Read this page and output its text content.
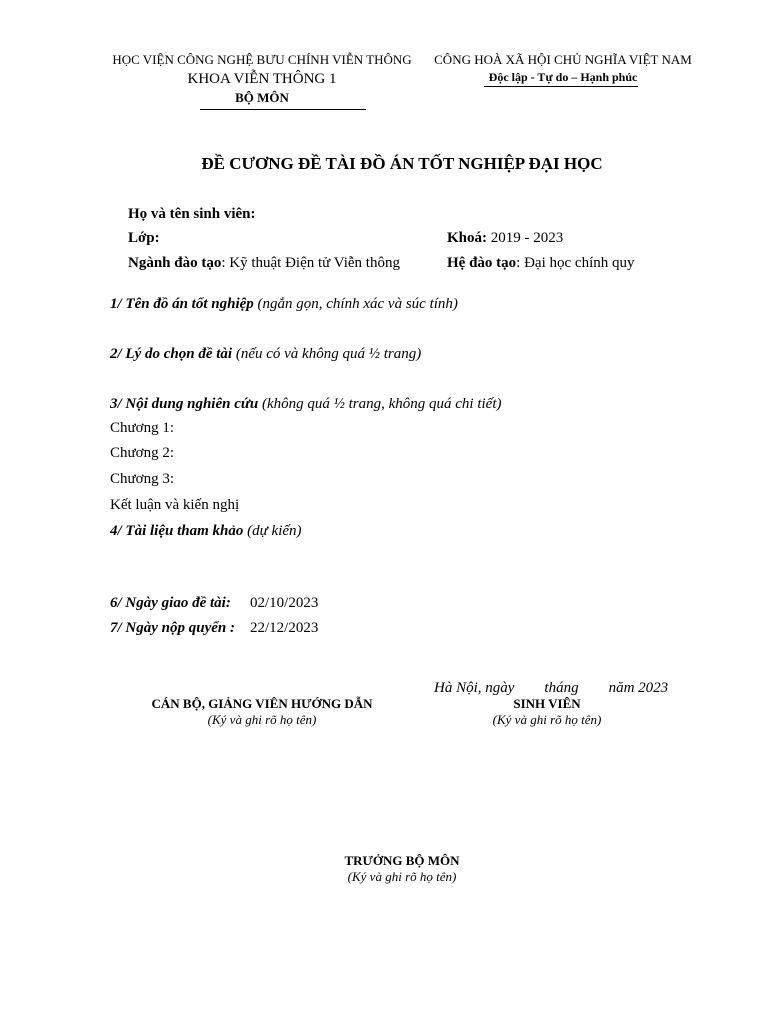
HỌC VIỆN CÔNG NGHỆ BƯU CHÍNH VIỄN THÔNG
KHOA VIỄN THÔNG 1
BỘ MÔN
CÔNG HOÀ XÃ HỘI CHỦ NGHĨA VIỆT NAM
Độc lập - Tự do – Hạnh phúc
ĐỀ CƯƠNG ĐỀ TÀI ĐỒ ÁN TỐT NGHIỆP ĐẠI HỌC
Họ và tên sinh viên:
Lớp:	Khoá: 2019 - 2023
Ngành đào tạo: Kỹ thuật Điện tử Viễn thông	Hệ đào tạo: Đại học chính quy
1/ Tên đồ án tốt nghiệp (ngắn gọn, chính xác và súc tính)
2/ Lý do chọn đề tài (nếu có và không quá ½ trang)
3/ Nội dung nghiên cứu (không quá ½ trang, không quá chi tiết)
Chương 1:
Chương 2:
Chương 3:
Kết luận và kiến nghị
4/ Tài liệu tham khảo (dự kiến)
6/ Ngày giao đề tài: 02/10/2023
7/ Ngày nộp quyển : 22/12/2023
Hà Nội, ngày        tháng        năm 2023
CÁN BỘ, GIẢNG VIÊN HƯỚNG DẪN
(Ký và ghi rõ họ tên)
SINH VIÊN
(Ký và ghi rõ họ tên)
TRƯỞNG BỘ MÔN
(Ký và ghi rõ họ tên)
